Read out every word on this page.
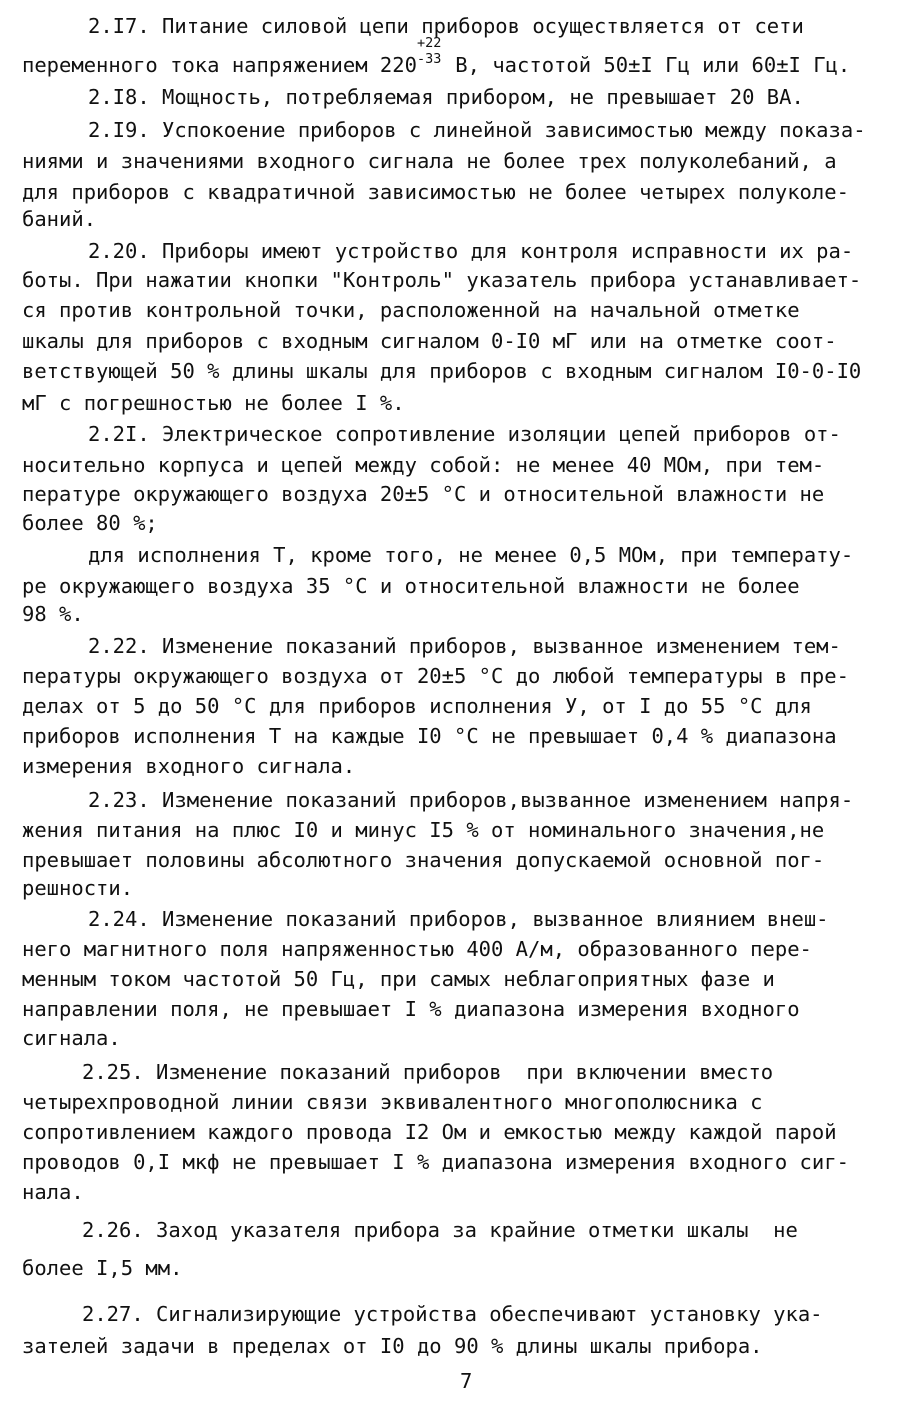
2.I7. Питание силовой цепи приборов осуществляется от сети
переменного тока напряжением 220
+22
-33 В, частотой 50±I Гц или 60±I Гц.
2.I8. Мощность, потребляемая прибором, не превышает 20 ВА.
2.I9. Успокоение приборов с линейной зависимостью между показа-
ниями и значениями входного сигнала не более трех полуколебаний, а
для приборов с квадратичной зависимостью не более четырех полуколе-
баний.
2.20. Приборы имеют устройство для контроля исправности их ра-
боты. При нажатии кнопки "Контроль" указатель прибора устанавливает-
ся против контрольной точки, расположенной на начальной отметке
шкалы для приборов с входным сигналом 0-I0 мГ или на отметке соот-
ветствующей 50 % длины шкалы для приборов с входным сигналом I0-0-I0
мГ с погрешностью не более I %.
2.2I. Электрическое сопротивление изоляции цепей приборов от-
носительно корпуса и цепей между собой: не менее 40 МОм, при тем-
пературе окружающего воздуха 20±5 °С и относительной влажности не
более 80 %;
для исполнения Т, кроме того, не менее 0,5 МОм, при температу-
ре окружающего воздуха 35 °С и относительной влажности не более
98 %.
2.22. Изменение показаний приборов, вызванное изменением тем-
пературы окружающего воздуха от 20±5 °С до любой температуры в пре-
делах от 5 до 50 °С для приборов исполнения У, от I до 55 °С для
приборов исполнения Т на каждые I0 °С не превышает 0,4 % диапазона
измерения входного сигнала.
2.23. Изменение показаний приборов,вызванное изменением напря-
жения питания на плюс I0 и минус I5 % от номинального значения,не
превышает половины абсолютного значения допускаемой основной пог-
решности.
2.24. Изменение показаний приборов, вызванное влиянием внеш-
него магнитного поля напряженностью 400 А/м, образованного пере-
менным током частотой 50 Гц, при самых неблагоприятных фазе и
направлении поля, не превышает I % диапазона измерения входного
сигнала.
2.25. Изменение показаний приборов  при включении вместо
четырехпроводной линии связи эквивалентного многополюсника с
сопротивлением каждого провода I2 Ом и емкостью между каждой парой
проводов 0,I мкф не превышает I % диапазона измерения входного сиг-
нала.
2.26. Заход указателя прибора за крайние отметки шкалы  не
более I,5 мм.
2.27. Сигнализирующие устройства обеспечивают установку ука-
зателей задачи в пределах от I0 до 90 % длины шкалы прибора.
7
